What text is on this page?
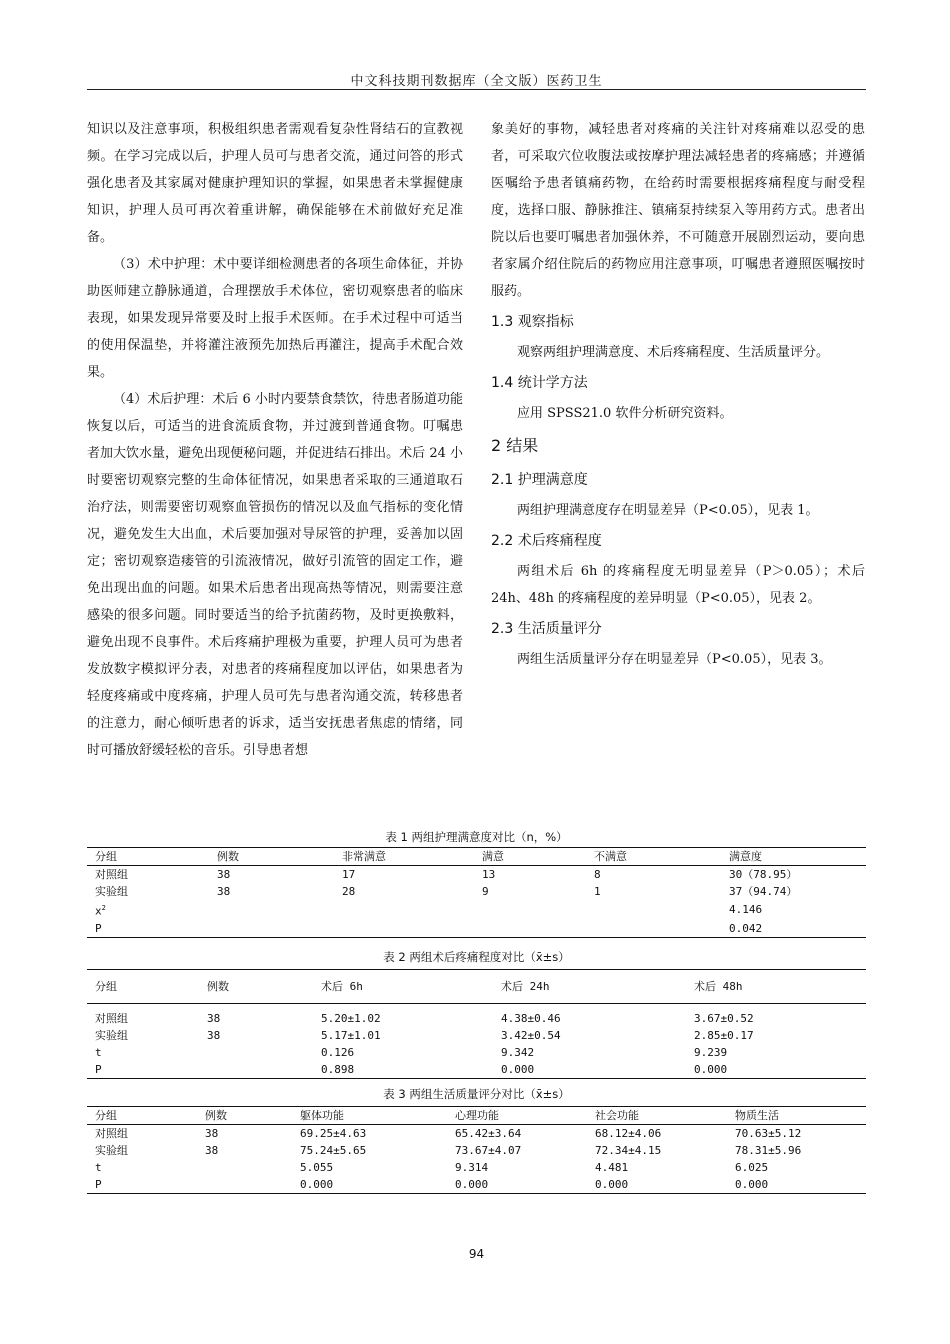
中文科技期刊数据库（全文版）医药卫生

知识以及注意事项，积极组织患者需观看复杂性肾结石的宣教视频。在学习完成以后，护理人员可与患者交流，通过问答的形式强化患者及其家属对健康护理知识的掌握，如果患者未掌握健康知识，护理人员可再次着重讲解，确保能够在术前做好充足准备。

（3）术中护理：术中要详细检测患者的各项生命体征，并协助医师建立静脉通道，合理摆放手术体位，密切观察患者的临床表现，如果发现异常要及时上报手术医师。在手术过程中可适当的使用保温垫，并将灌注液预先加热后再灌注，提高手术配合效果。

（4）术后护理：术后 6 小时内要禁食禁饮，待患者肠道功能恢复以后，可适当的进食流质食物，并过渡到普通食物。叮嘱患者加大饮水量，避免出现便秘问题，并促进结石排出。术后 24 小时要密切观察完整的生命体征情况，如果患者采取的三通道取石治疗法，则需要密切观察血管损伤的情况以及血气指标的变化情况，避免发生大出血，术后要加强对导尿管的护理，妥善加以固定；密切观察造瘘管的引流液情况，做好引流管的固定工作，避免出现出血的问题。如果术后患者出现高热等情况，则需要注意感染的很多问题。同时要适当的给予抗菌药物，及时更换敷料，避免出现不良事件。术后疼痛护理极为重要，护理人员可为患者发放数字模拟评分表，对患者的疼痛程度加以评估，如果患者为轻度疼痛或中度疼痛，护理人员可先与患者沟通交流，转移患者的注意力，耐心倾听患者的诉求，适当安抚患者焦虑的情绪，同时可播放舒缓轻松的音乐。引导患者想

象美好的事物，减轻患者对疼痛的关注针对疼痛难以忍受的患者，可采取穴位收腹法或按摩护理法减轻患者的疼痛感；并遵循医嘱给予患者镇痛药物，在给药时需要根据疼痛程度与耐受程度，选择口服、静脉推注、镇痛泵持续泵入等用药方式。患者出院以后也要叮嘱患者加强休养，不可随意开展剧烈运动，要向患者家属介绍住院后的药物应用注意事项，叮嘱患者遵照医嘱按时服药。

1.3 观察指标

观察两组护理满意度、术后疼痛程度、生活质量评分。

1.4 统计学方法

应用 SPSS21.0 软件分析研究资料。

2 结果
2.1 护理满意度

两组护理满意度存在明显差异（P<0.05），见表 1。

2.2 术后疼痛程度

两组术后 6h 的疼痛程度无明显差异（P＞0.05）；术后 24h、48h 的疼痛程度的差异明显（P<0.05），见表 2。

2.3 生活质量评分

两组生活质量评分存在明显差异（P<0.05），见表 3。

表 1 两组护理满意度对比（n，%）
分组	例数	非常满意	满意	不满意	满意度
对照组	38	17	13	8	30（78.95）
实验组	38	28	9	1	37（94.74）
$x^2$					4.146
P					0.042
表 2 两组术后疼痛程度对比（x̄±s）
分组	例数	术后 6h	术后 24h	术后 48h
对照组	38	5.20±1.02	4.38±0.46	3.67±0.52
实验组	38	5.17±1.01	3.42±0.54	2.85±0.17
t		0.126	9.342	9.239
P		0.898	0.000	0.000
表 3 两组生活质量评分对比（x̄±s）
分组	例数	躯体功能	心理功能	社会功能	物质生活
对照组	38	69.25±4.63	65.42±3.64	68.12±4.06	70.63±5.12
实验组	38	75.24±5.65	73.67±4.07	72.34±4.15	78.31±5.96
t		5.055	9.314	4.481	6.025
P		0.000	0.000	0.000	0.000
94
